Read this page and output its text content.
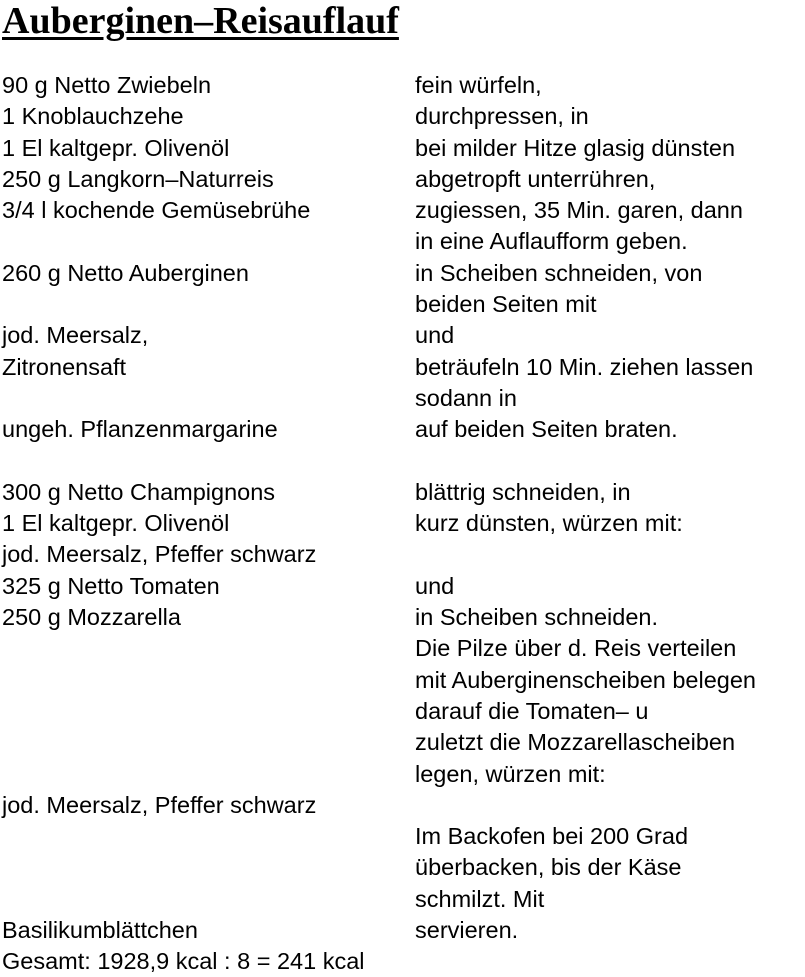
Auberginen–Reisauflauf
90 g Netto Zwiebeln	fein würfeln,
1 Knoblauchzehe	durchpressen, in
1 El kaltgepr. Olivenöl	bei milder Hitze glasig dünsten
250 g Langkorn–Naturreis	abgetropft unterrühren,
3/4 l kochende Gemüsebrühe	zugiessen, 35 Min. garen, dann
in eine Auflaufform geben.
260 g Netto Auberginen	in Scheiben schneiden, von
beiden Seiten mit
jod. Meersalz,	und
Zitronensaft	beträufeln 10 Min. ziehen lassen
sodann in
ungeh. Pflanzenmargarine	auf beiden Seiten braten.
300 g Netto Champignons	blättrig schneiden, in
1 El kaltgepr. Olivenöl	kurz dünsten, würzen mit:
jod. Meersalz, Pfeffer schwarz
325 g Netto Tomaten	und
250 g Mozzarella	in Scheiben schneiden.
Die Pilze über d. Reis verteilen
mit Auberginenscheiben belegen
darauf die Tomaten– u
zuletzt die Mozzarellascheiben
legen, würzen mit:
jod. Meersalz, Pfeffer schwarz
Im Backofen bei 200 Grad
überbacken, bis der Käse
schmilzt. Mit
Basilikumblättchen	servieren.
Gesamt: 1928,9 kcal : 8 = 241 kcal
